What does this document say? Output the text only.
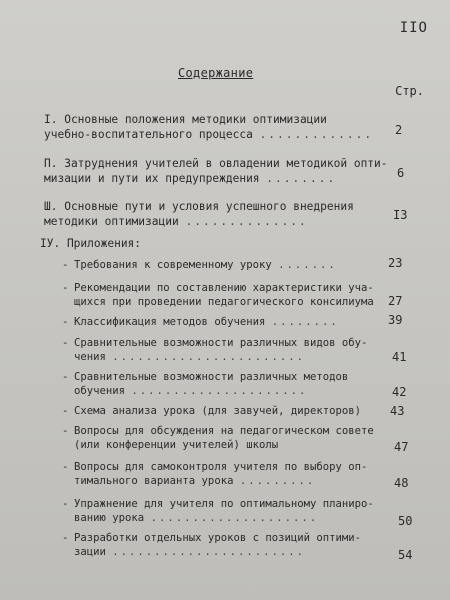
IIO
Содержание
Стр.
I. Основные положения методики оптимизации
учебно-воспитательного процесса ............. 2
П. Затруднения учителей в овладении методикой опти-
мизации и пути их предупреждения ........	6
Ш. Основные пути и условия успешного внедрения
методики оптимизации ..............	I3
IУ. Приложения:
- Требования к современному уроку .......	23
- Рекомендации по составлению характеристики уча-
щихся при проведении педагогического консилиума 27
- Классификация методов обучения ........	39
- Сравнительные возможности различных видов обу-
чения .......................	41
- Сравнительные возможности различных методов
обучения .....................	42
- Схема анализа урока (для завучей, директоров) 43
- Вопросы для обсуждения на педагогическом совете
(или конференции учителей) школы	47
- Вопросы для самоконтроля учителя по выбору оп-
тимального варианта урока .........	48
- Упражнение для учителя по оптимальному планиро-
ванию урока ....................	50
- Разработки отдельных уроков с позиций оптими-
зации .......................	54
